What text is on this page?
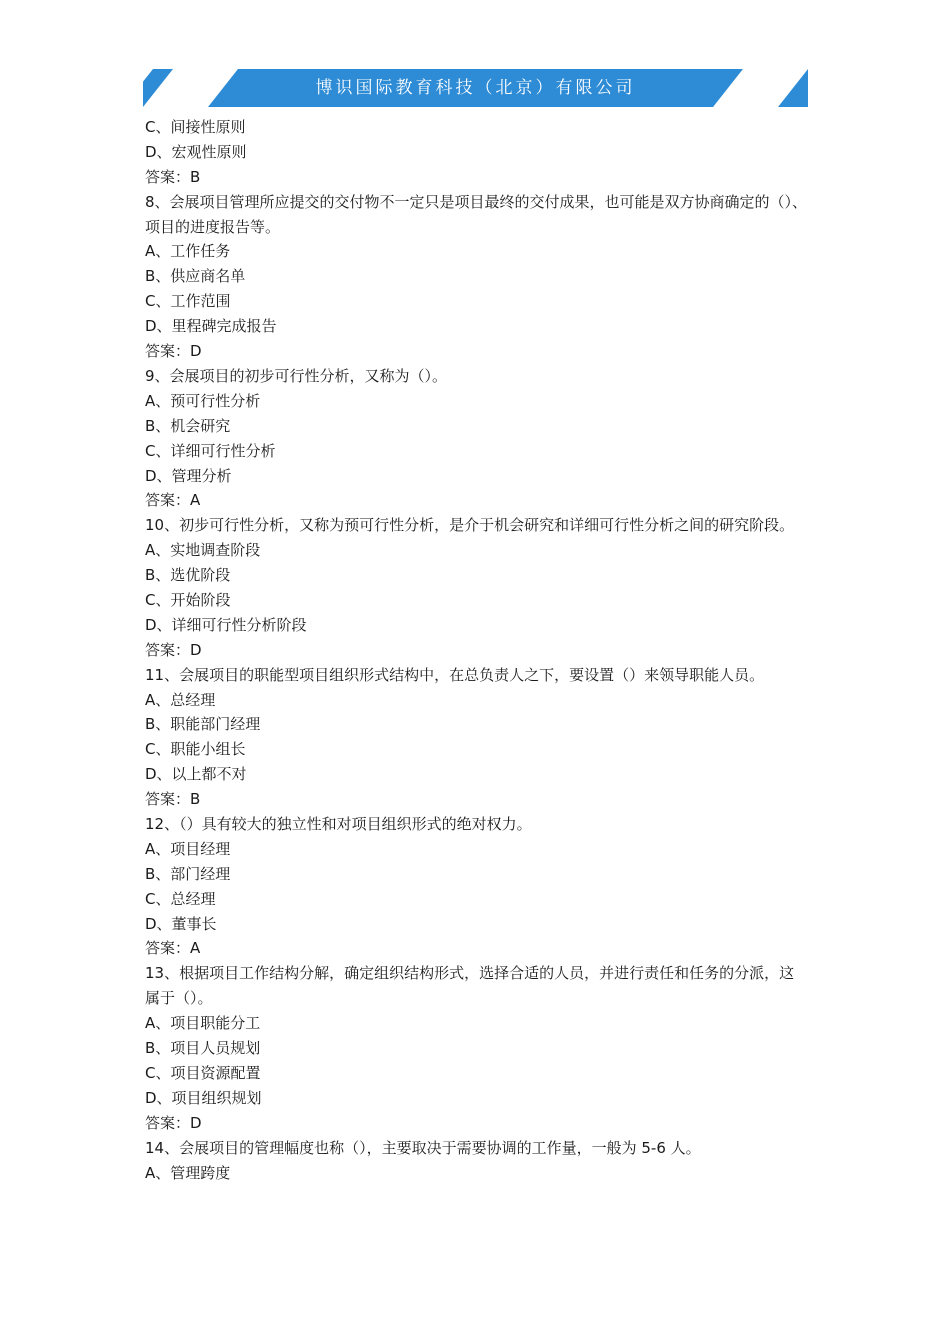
博识国际教育科技（北京）有限公司
C、间接性原则
D、宏观性原则
答案：B
8、会展项目管理所应提交的交付物不一定只是项目最终的交付成果，也可能是双方协商确定的（）、项目的进度报告等。
A、工作任务
B、供应商名单
C、工作范围
D、里程碑完成报告
答案：D
9、会展项目的初步可行性分析，又称为（）。
A、预可行性分析
B、机会研究
C、详细可行性分析
D、管理分析
答案：A
10、初步可行性分析，又称为预可行性分析，是介于机会研究和详细可行性分析之间的研究阶段。
A、实地调查阶段
B、选优阶段
C、开始阶段
D、详细可行性分析阶段
答案：D
11、会展项目的职能型项目组织形式结构中，在总负责人之下，要设置（）来领导职能人员。
A、总经理
B、职能部门经理
C、职能小组长
D、以上都不对
答案：B
12、（）具有较大的独立性和对项目组织形式的绝对权力。
A、项目经理
B、部门经理
C、总经理
D、董事长
答案：A
13、根据项目工作结构分解，确定组织结构形式，选择合适的人员，并进行责任和任务的分派，这属于（）。
A、项目职能分工
B、项目人员规划
C、项目资源配置
D、项目组织规划
答案：D
14、会展项目的管理幅度也称（），主要取决于需要协调的工作量，一般为 5-6 人。
A、管理跨度
